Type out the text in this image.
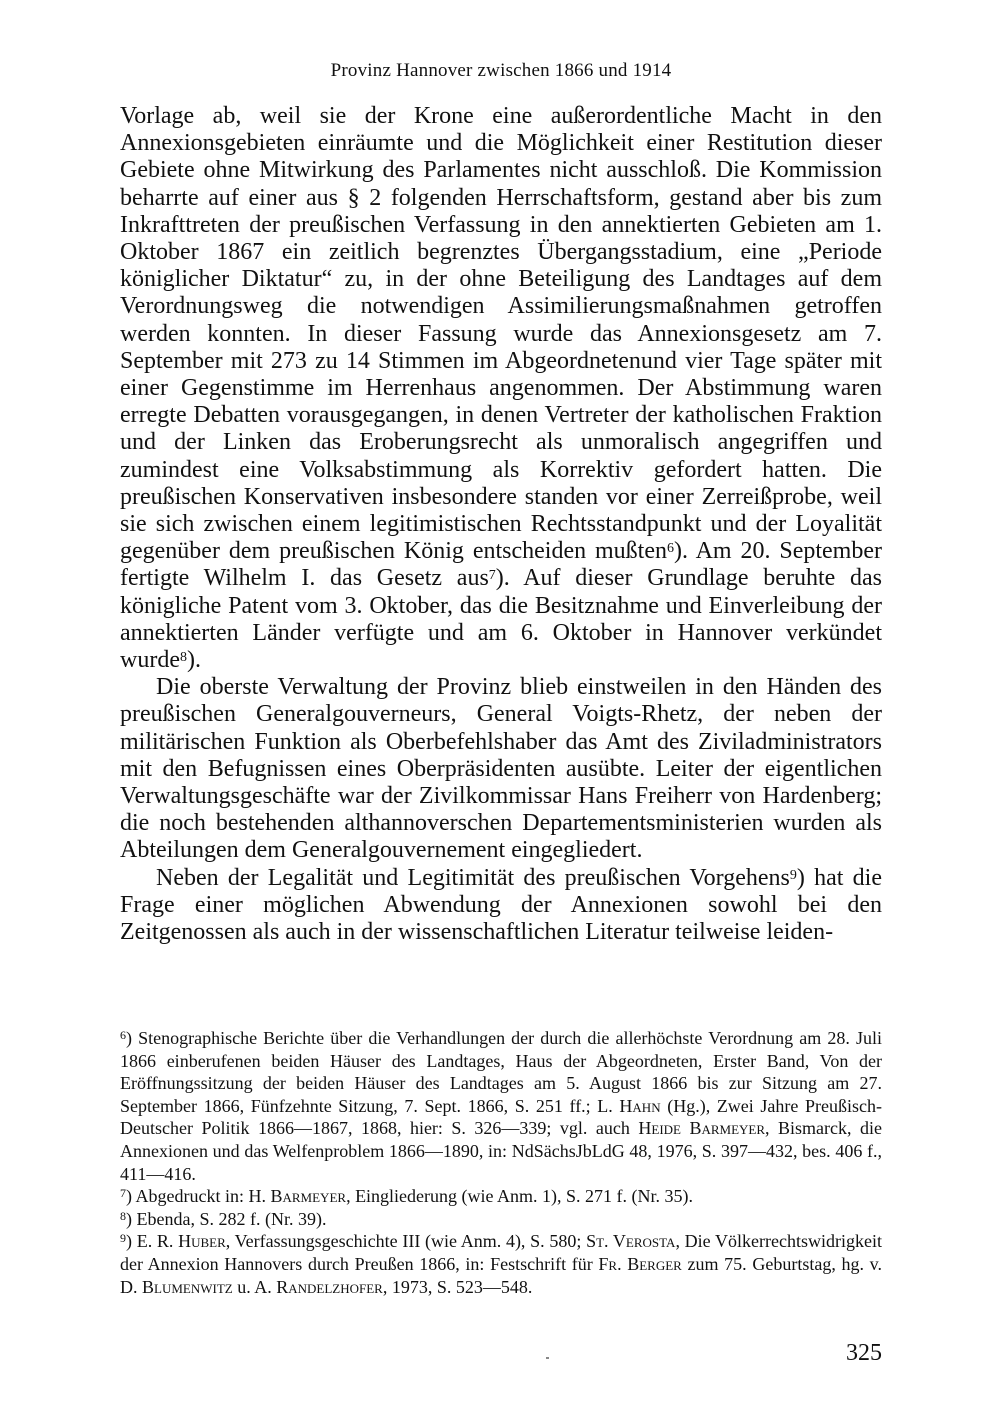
Provinz Hannover zwischen 1866 und 1914

Vorlage ab, weil sie der Krone eine außerordentliche Macht in den Annexionsgebieten einräumte und die Möglichkeit einer Restitution dieser Gebiete ohne Mitwirkung des Parlamentes nicht ausschloß. Die Kommission beharrte auf einer aus § 2 folgenden Herrschaftsform, gestand aber bis zum Inkrafttreten der preußischen Verfassung in den annektierten Gebieten am 1. Oktober 1867 ein zeitlich begrenztes Übergangsstadium, eine „Periode königlicher Diktatur“ zu, in der ohne Beteiligung des Landtages auf dem Verordnungsweg die notwendigen Assimilierungsmaßnahmen getroffen werden konnten. In dieser Fassung wurde das Annexionsgesetz am 7. September mit 273 zu 14 Stimmen im Abgeordnetenund vier Tage später mit einer Gegenstimme im Herrenhaus angenommen. Der Abstimmung waren erregte Debatten vorausgegangen, in denen Vertreter der katholischen Fraktion und der Linken das Eroberungsrecht als unmoralisch angegriffen und zumindest eine Volksabstimmung als Korrektiv gefordert hatten. Die preußischen Konservativen insbesondere standen vor einer Zerreißprobe, weil sie sich zwischen einem legitimistischen Rechtsstandpunkt und der Loyalität gegenüber dem preußischen König entscheiden mußten$^6$). Am 20. September fertigte Wilhelm I. das Gesetz aus$^7$). Auf dieser Grundlage beruhte das königliche Patent vom 3. Oktober, das die Besitznahme und Einverleibung der annektierten Länder verfügte und am 6. Oktober in Hannover verkündet wurde$^8$).

Die oberste Verwaltung der Provinz blieb einstweilen in den Händen des preußischen Generalgouverneurs, General Voigts-Rhetz, der neben der militärischen Funktion als Oberbefehlshaber das Amt des Ziviladministrators mit den Befugnissen eines Oberpräsidenten ausübte. Leiter der eigentlichen Verwaltungsgeschäfte war der Zivilkommissar Hans Freiherr von Hardenberg; die noch bestehenden althannoverschen Departementsministerien wurden als Abteilungen dem Generalgouvernement eingegliedert.

Neben der Legalität und Legitimität des preußischen Vorgehens$^9$) hat die Frage einer möglichen Abwendung der Annexionen sowohl bei den Zeitgenossen als auch in der wissenschaftlichen Literatur teilweise leiden-

$^6$) Stenographische Berichte über die Verhandlungen der durch die allerhöchste Verordnung am 28. Juli 1866 einberufenen beiden Häuser des Landtages, Haus der Abgeordneten, Erster Band, Von der Eröffnungssitzung der beiden Häuser des Landtages am 5. August 1866 bis zur Sitzung am 27. September 1866, Fünfzehnte Sitzung, 7. Sept. 1866, S. 251 ff.; L. Hahn (Hg.), Zwei Jahre Preußisch-Deutscher Politik 1866—1867, 1868, hier: S. 326—339; vgl. auch Heide Barmeyer, Bismarck, die Annexionen und das Welfenproblem 1866—1890, in: NdSächsJbLdG 48, 1976, S. 397—432, bes. 406 f., 411—416.

$^7$) Abgedruckt in: H. Barmeyer, Eingliederung (wie Anm. 1), S. 271 f. (Nr. 35).

$^8$) Ebenda, S. 282 f. (Nr. 39).

$^9$) E. R. Huber, Verfassungsgeschichte III (wie Anm. 4), S. 580; St. Verosta, Die Völkerrechtswidrigkeit der Annexion Hannovers durch Preußen 1866, in: Festschrift für Fr. Berger zum 75. Geburtstag, hg. v. D. Blumenwitz u. A. Randelzhofer, 1973, S. 523—548.

325
